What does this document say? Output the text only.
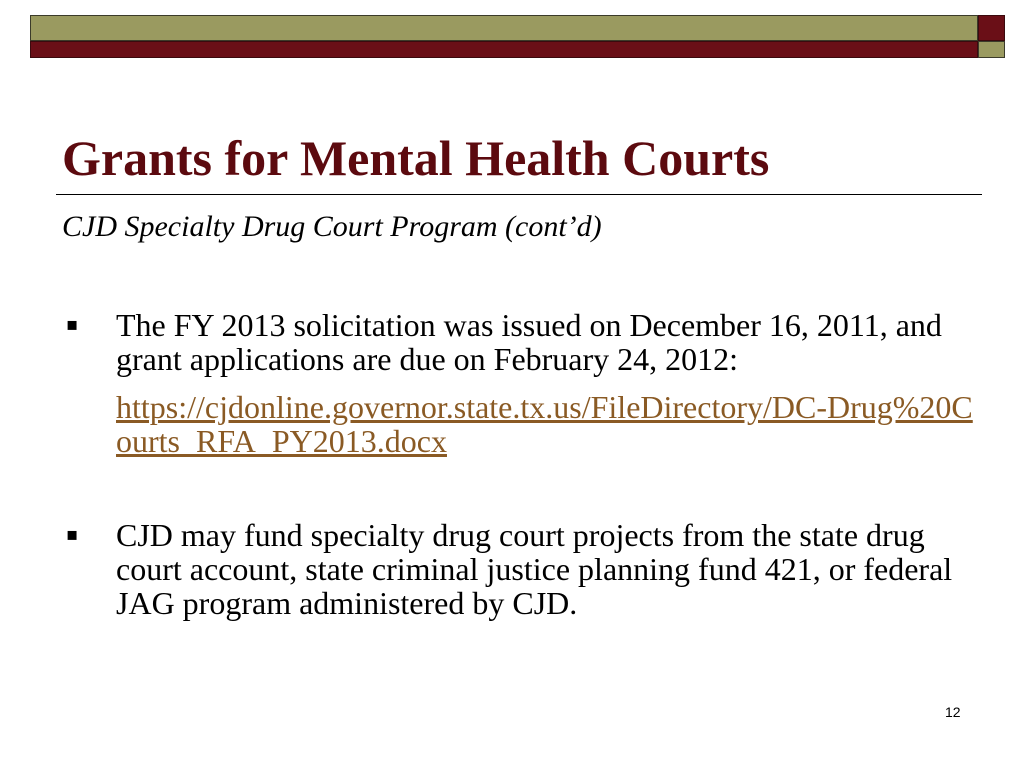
Grants for Mental Health Courts
CJD Specialty Drug Court Program (cont’d)
▪ The FY 2013 solicitation was issued on December 16, 2011, and grant applications are due on February 24, 2012:
https://cjdonline.governor.state.tx.us/FileDirectory/DC-Drug%20Courts_RFA_PY2013.docx
▪ CJD may fund specialty drug court projects from the state drug court account, state criminal justice planning fund 421, or federal JAG program administered by CJD.
12
